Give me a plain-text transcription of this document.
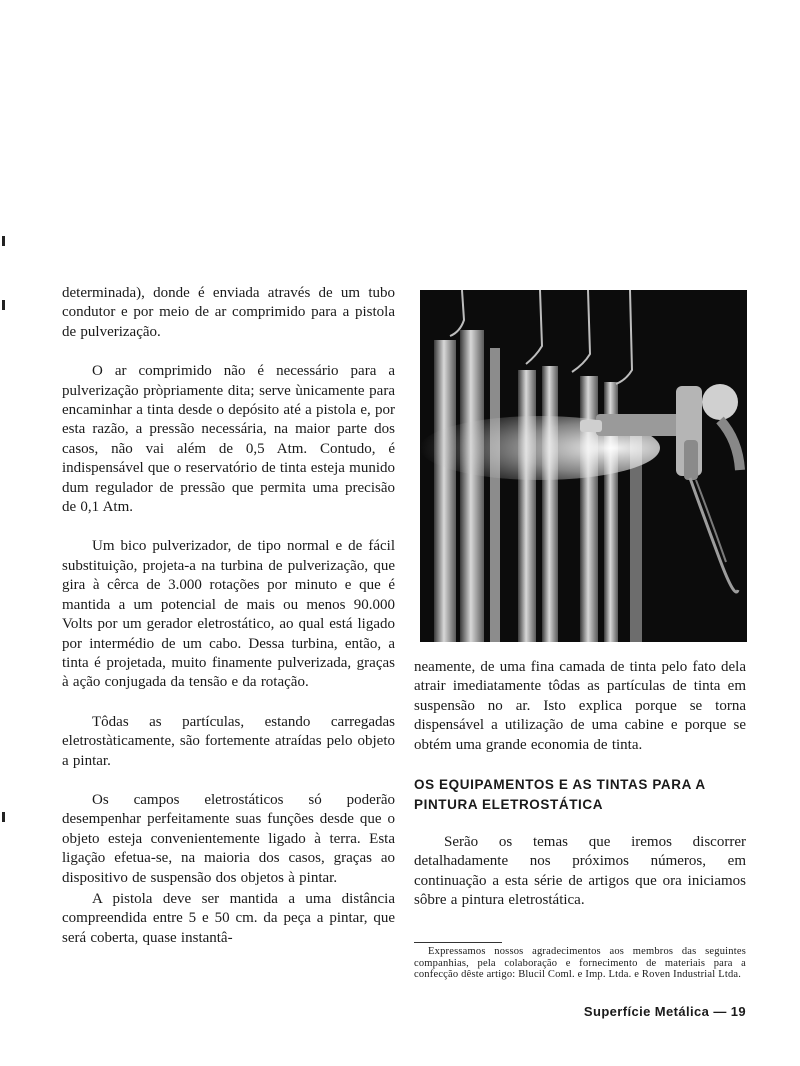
determinada), donde é enviada através de um tubo condutor e por meio de ar comprimido para a pistola de pulverização.

O ar comprimido não é necessário para a pulverização pròpriamente dita; serve ùnicamente para encaminhar a tinta desde o depósito até a pistola e, por esta razão, a pressão necessária, na maior parte dos casos, não vai além de 0,5 Atm. Contudo, é indispensável que o reservatório de tinta esteja munido dum regulador de pressão que permita uma precisão de 0,1 Atm.

Um bico pulverizador, de tipo normal e de fácil substituição, projeta-a na turbina de pulverização, que gira à cêrca de 3.000 rotações por minuto e que é mantida a um potencial de mais ou menos 90.000 Volts por um gerador eletrostático, ao qual está ligado por intermédio de um cabo. Dessa turbina, então, a tinta é projetada, muito finamente pulverizada, graças à ação conjugada da tensão e da rotação.

Tôdas as partículas, estando carregadas eletrostàticamente, são fortemente atraídas pelo objeto a pintar.

Os campos eletrostáticos só poderão desempenhar perfeitamente suas funções desde que o objeto esteja convenientemente ligado à terra. Esta ligação efetua-se, na maioria dos casos, graças ao dispositivo de suspensão dos objetos à pintar.

A pistola deve ser mantida a uma distância compreendida entre 5 e 50 cm. da peça a pintar, que será coberta, quase instantâ-

neamente, de uma fina camada de tinta pelo fato dela atrair imediatamente tôdas as partículas de tinta em suspensão no ar. Isto explica porque se torna dispensável a utilização de uma cabine e porque se obtém uma grande economia de tinta.

OS EQUIPAMENTOS E AS TINTAS PARA A PINTURA ELETROSTÁTICA

Serão os temas que iremos discorrer detalhadamente nos próximos números, em continuação a esta série de artigos que ora iniciamos sôbre a pintura eletrostática.

Expressamos nossos agradecimentos aos membros das seguintes companhias, pela colaboração e fornecimento de materiais para a confecção dêste artigo: Blucil Coml. e Imp. Ltda. e Roven Industrial Ltda.

Superfície Metálica — 19
